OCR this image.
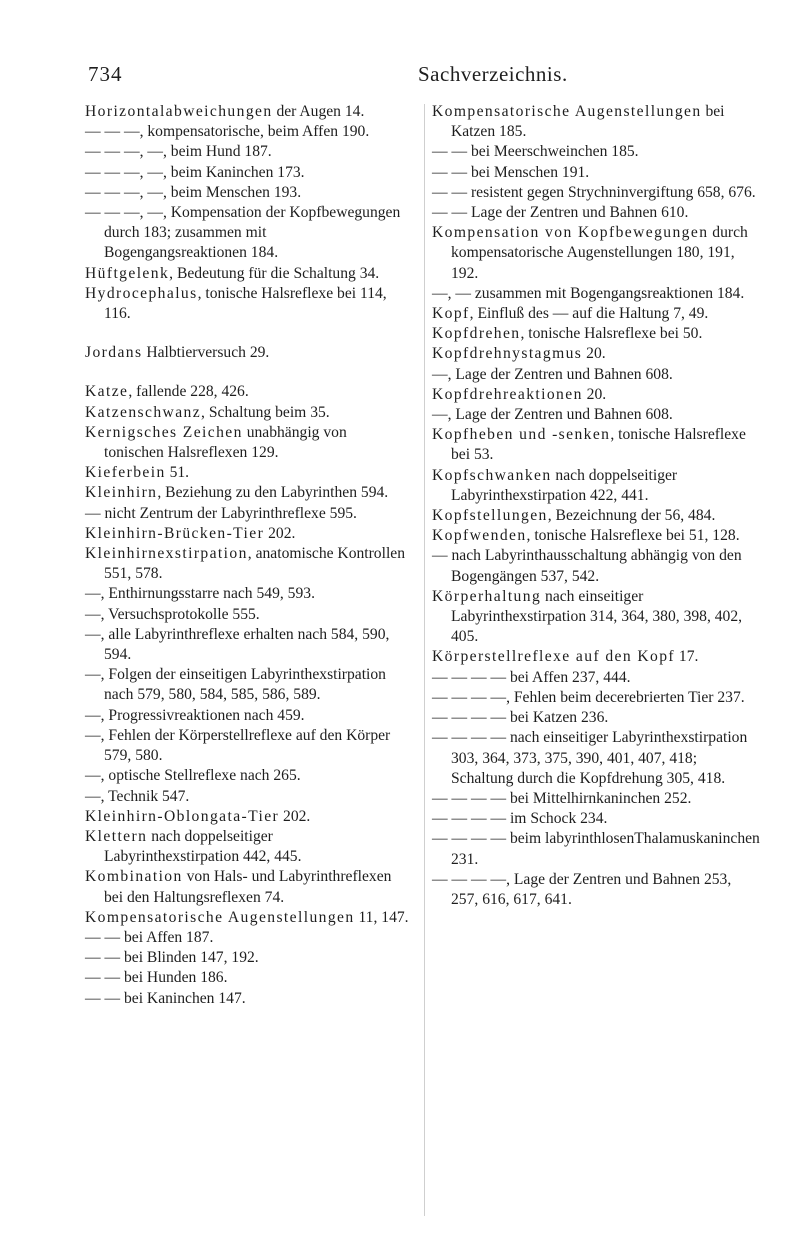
734	Sachverzeichnis.
Horizontalabweichungen der Augen 14.
— — —, kompensatorische, beim Affen 190.
— — —, —, beim Hund 187.
— — —, —, beim Kaninchen 173.
— — —, —, beim Menschen 193.
— — —, —, Kompensation der Kopfbewegungen durch 183; zusammen mit Bogengangsreaktionen 184.
Hüftgelenk, Bedeutung für die Schaltung 34.
Hydrocephalus, tonische Halsreflexe bei 114, 116.
Jordans Halbtierversuch 29.
Katze, fallende 228, 426.
Katzenschwanz, Schaltung beim 35.
Kernigsches Zeichen unabhängig von tonischen Halsreflexen 129.
Kieferbein 51.
Kleinhirn, Beziehung zu den Labyrinthen 594.
— nicht Zentrum der Labyrinthreflexe 595.
Kleinhirn-Brücken-Tier 202.
Kleinhirnexstirpation, anatomische Kontrollen 551, 578.
—, Enthirnungsstarre nach 549, 593.
—, Versuchsprotokolle 555.
—, alle Labyrinthreflexe erhalten nach 584, 590, 594.
—, Folgen der einseitigen Labyrinthexstirpation nach 579, 580, 584, 585, 586, 589.
—, Progressivreaktionen nach 459.
—, Fehlen der Körperstellreflexe auf den Körper 579, 580.
—, optische Stellreflexe nach 265.
—, Technik 547.
Kleinhirn-Oblongata-Tier 202.
Klettern nach doppelseitiger Labyrinthexstirpation 442, 445.
Kombination von Hals- und Labyrinthreflexen bei den Haltungsreflexen 74.
Kompensatorische Augenstellungen 11, 147.
— — bei Affen 187.
— — bei Blinden 147, 192.
— — bei Hunden 186.
— — bei Kaninchen 147.
Kompensatorische Augenstellungen bei Katzen 185.
— — bei Meerschweinchen 185.
— — bei Menschen 191.
— — resistent gegen Strychninvergiftung 658, 676.
— — Lage der Zentren und Bahnen 610.
Kompensation von Kopfbewegungen durch kompensatorische Augenstellungen 180, 191, 192.
—, — zusammen mit Bogengangsreaktionen 184.
Kopf, Einfluß des — auf die Haltung 7, 49.
Kopfdrehen, tonische Halsreflexe bei 50.
Kopfdrehnystagmus 20.
—, Lage der Zentren und Bahnen 608.
Kopfdrehreaktionen 20.
—, Lage der Zentren und Bahnen 608.
Kopfheben und -senken, tonische Halsreflexe bei 53.
Kopfschwanken nach doppelseitiger Labyrinthexstirpation 422, 441.
Kopfstellungen, Bezeichnung der 56, 484.
Kopfwenden, tonische Halsreflexe bei 51, 128.
— nach Labyrinthausschaltung abhängig von den Bogengängen 537, 542.
Körperhaltung nach einseitiger Labyrinthexstirpation 314, 364, 380, 398, 402, 405.
Körperstellreflexe auf den Kopf 17.
— — — — bei Affen 237, 444.
— — — —, Fehlen beim decerebrierten Tier 237.
— — — — bei Katzen 236.
— — — — nach einseitiger Labyrinthexstirpation 303, 364, 373, 375, 390, 401, 407, 418; Schaltung durch die Kopfdrehung 305, 418.
— — — — bei Mittelhirnkaninchen 252.
— — — — im Schock 234.
— — — — beim labyrinthlosenThalamuskaninchen 231.
— — — —, Lage der Zentren und Bahnen 253, 257, 616, 617, 641.
